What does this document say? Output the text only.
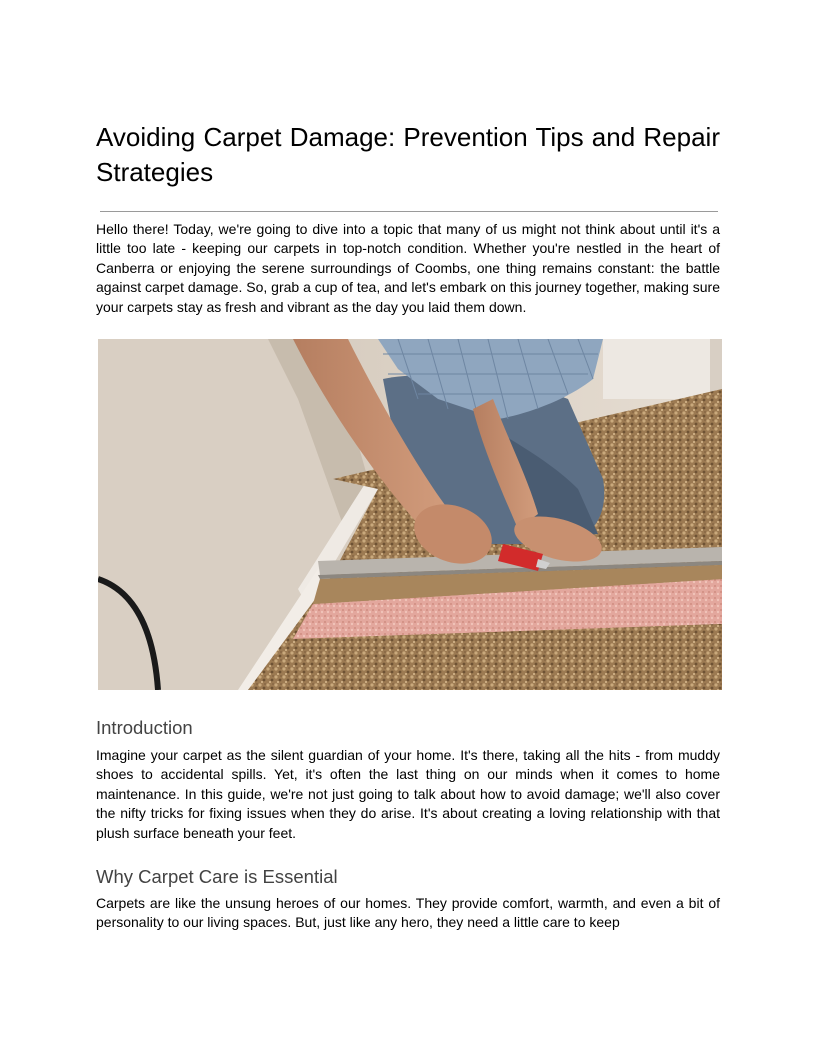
Avoiding Carpet Damage: Prevention Tips and Repair Strategies

Hello there! Today, we're going to dive into a topic that many of us might not think about until it's a little too late - keeping our carpets in top-notch condition. Whether you're nestled in the heart of Canberra or enjoying the serene surroundings of Coombs, one thing remains constant: the battle against carpet damage. So, grab a cup of tea, and let's embark on this journey together, making sure your carpets stay as fresh and vibrant as the day you laid them down.

Introduction

Imagine your carpet as the silent guardian of your home. It's there, taking all the hits - from muddy shoes to accidental spills. Yet, it's often the last thing on our minds when it comes to home maintenance. In this guide, we're not just going to talk about how to avoid damage; we'll also cover the nifty tricks for fixing issues when they do arise. It's about creating a loving relationship with that plush surface beneath your feet.

Why Carpet Care is Essential

Carpets are like the unsung heroes of our homes. They provide comfort, warmth, and even a bit of personality to our living spaces. But, just like any hero, they need a little care to keep
